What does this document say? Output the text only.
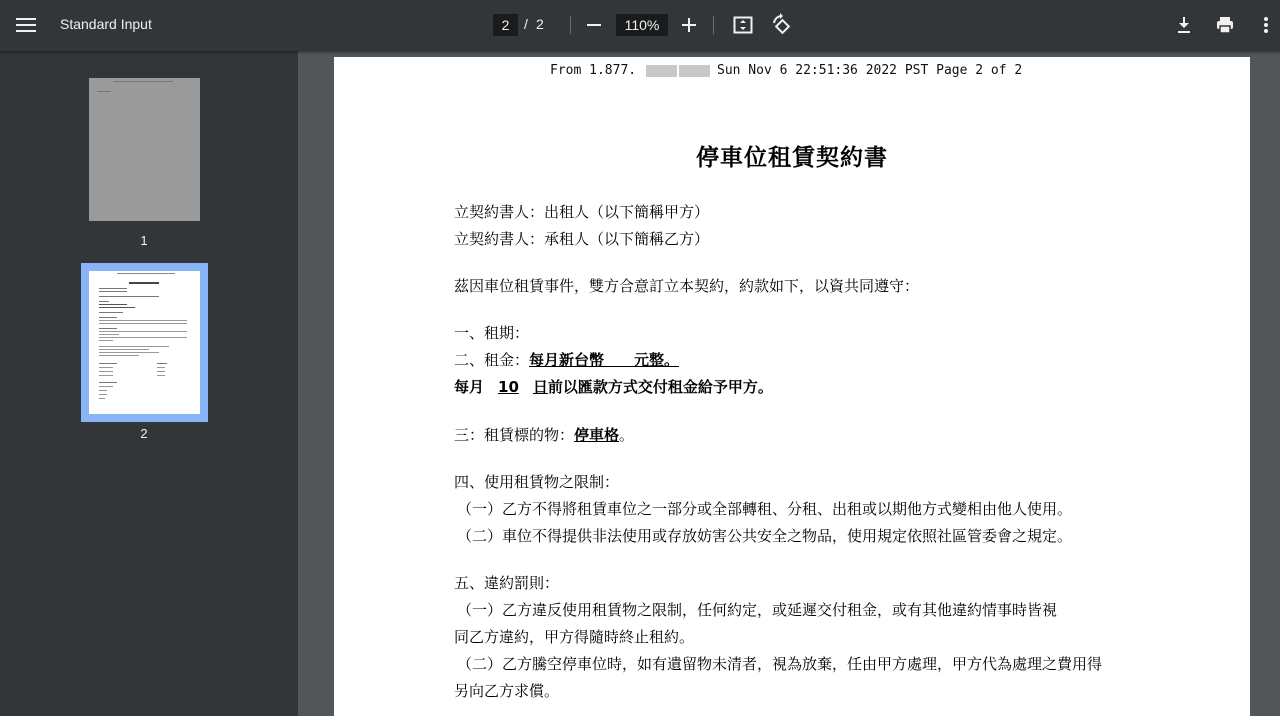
Standard Input	2	/ 2	110%
1
2
From 1.877.	Sun Nov 6 22:51:36 2022 PST Page 2 of 2
停車位租賃契約書
立契約書人：出租人（以下簡稱甲方）
立契約書人：承租人（以下簡稱乙方）
茲因車位租賃事件，雙方合意訂立本契約，約款如下，以資共同遵守：
一、租期：
二、租金：每月新台幣　　元整。
每月 10 日前以匯款方式交付租金給予甲方。
三：租賃標的物：停車格。
四、使用租賃物之限制：
（一）乙方不得將租賃車位之一部分或全部轉租、分租、出租或以期他方式變相由他人使用。
（二）車位不得提供非法使用或存放妨害公共安全之物品，使用規定依照社區管委會之規定。
五、違約罰則：
（一）乙方違反使用租賃物之限制，任何約定，或延遲交付租金，或有其他違約情事時皆視
同乙方違約，甲方得隨時終止租約。
（二）乙方騰空停車位時，如有遺留物未清者，視為放棄，任由甲方處理，甲方代為處理之費用得
另向乙方求償。
